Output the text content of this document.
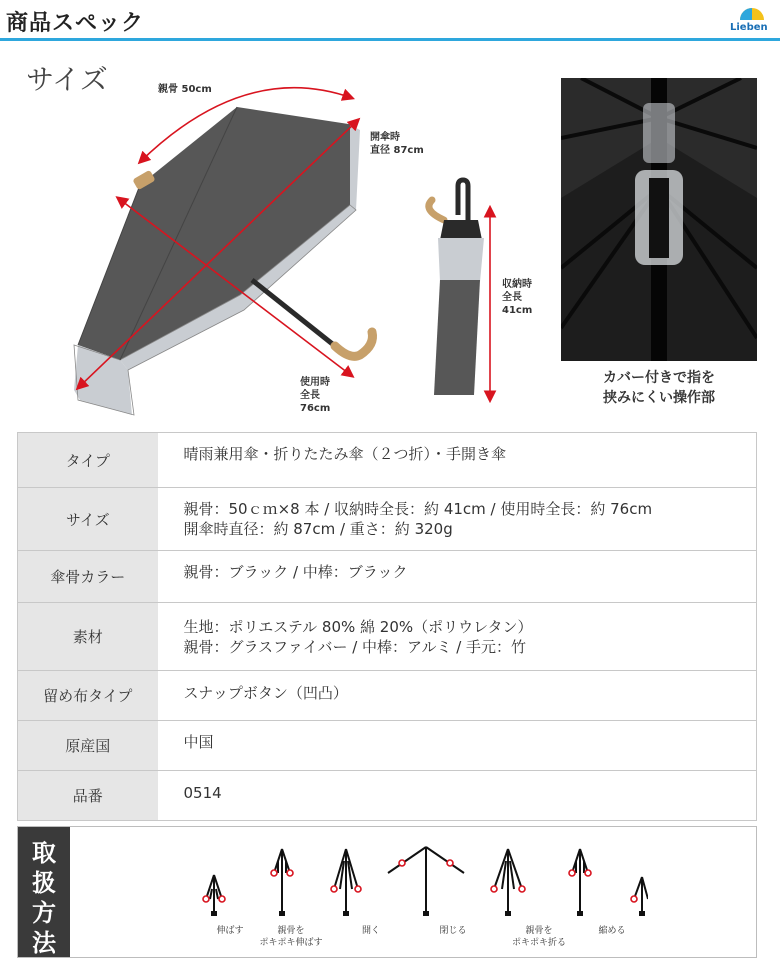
商品スペック	Lieben
サイズ	親骨 50cm
開傘時
直径 87cm
使用時
全長
76cm
収納時
全長
41cm
カバー付きで指を
挟みにくい操作部
タイプ	晴雨兼用傘・折りたたみ傘（２つ折）・手開き傘

サイズ	親骨：50ｃｍ×8 本 / 収納時全長：約 41cm / 使用時全長：約 76cm
開傘時直径：約 87cm / 重さ：約 320g

傘骨カラー	親骨：ブラック / 中棒：ブラック

素材	生地：ポリエステル 80% 綿 20%（ポリウレタン）
親骨：グラスファイバー / 中棒：アルミ / 手元：竹

留め布タイプ	スナップボタン（凹凸）

原産国	中国

品番	0514
取
扱
方
法	伸ばす	親骨を
ポキポキ伸ばす
開く	閉じる	親骨を
ポキポキ折る
縮める
